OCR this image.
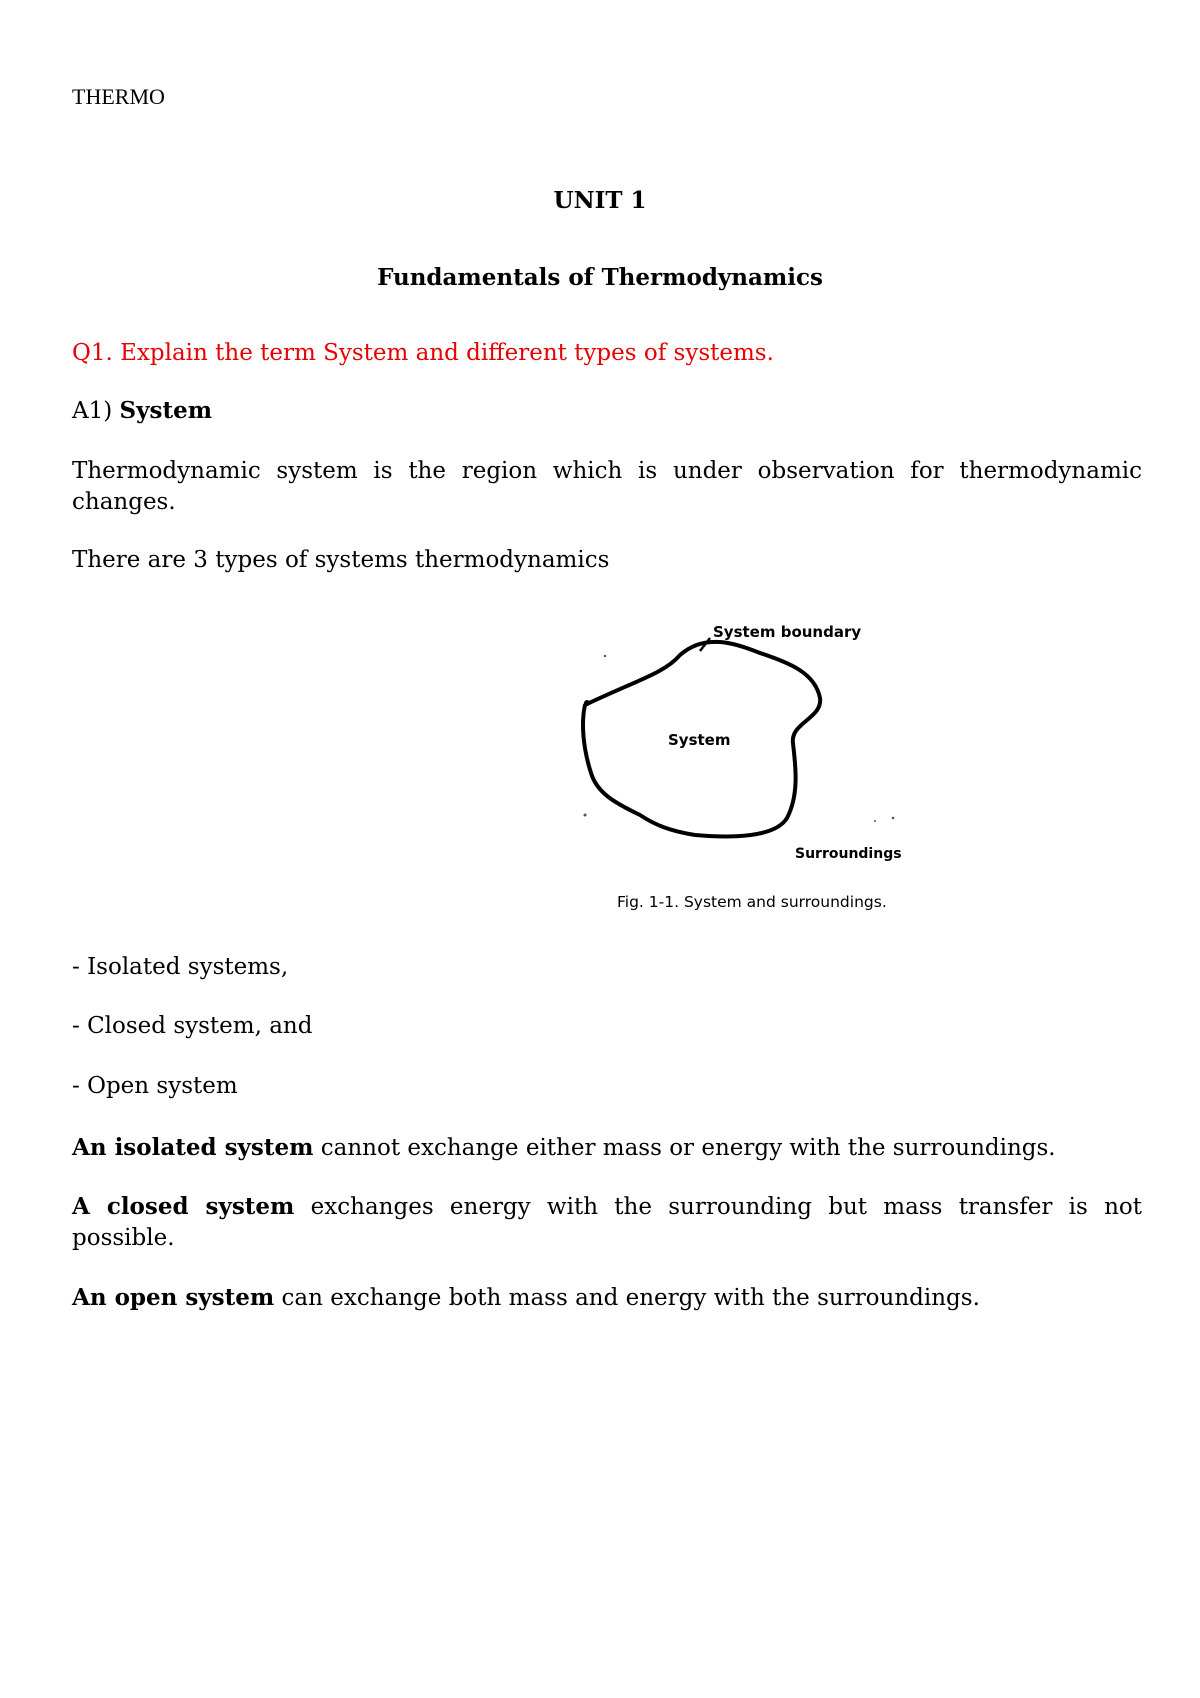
THERMO

UNIT 1

Fundamentals of Thermodynamics

Q1. Explain the term System and different types of systems.

A1) System

Thermodynamic system is the region which is under observation for thermodynamic changes.

There are 3 types of systems thermodynamics

System boundary
System
Surroundings
Fig. 1-1. System and surroundings.

- Isolated systems,

- Closed system, and

- Open system

An isolated system cannot exchange either mass or energy with the surroundings.

A closed system exchanges energy with the surrounding but mass transfer is not possible.

An open system can exchange both mass and energy with the surroundings.
